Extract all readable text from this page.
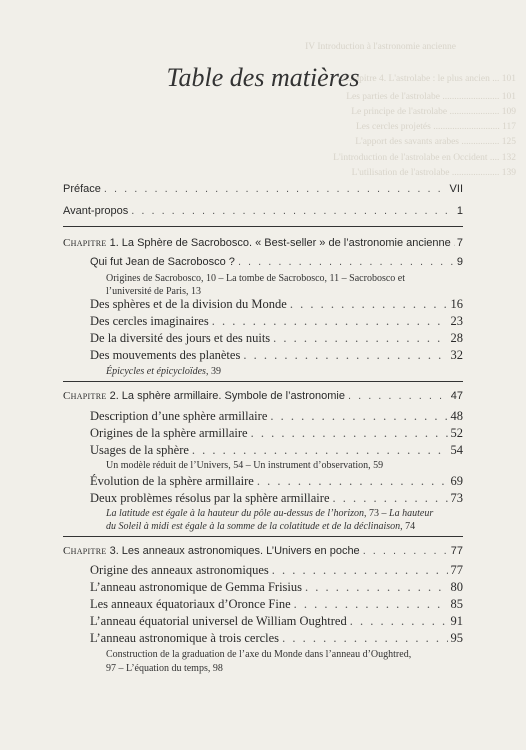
IV Introduction à l'astronomie ancienne
Chapitre 4. L'astrolabe : le plus ancien ... 101
Les parties de l'astrolabe ........................ 101
Le principe de l'astrolabe ..................... 109
Les cercles projetés ............................ 117
L'apport des savants arabes ................ 125
L'introduction de l'astrolabe en Occident .... 132
L'utilisation de l'astrolabe .................... 139
Table des matières
Préface . . .	VII
Avant-propos . . .	1
Chapitre 1. La Sphère de Sacrobosco. « Best-seller » de l’astronomie ancienne . . . 7
Qui fut Jean de Sacrobosco ? . . .	9
Origines de Sacrobosco, 10 – La tombe de Sacrobosco, 11 – Sacrobosco et
l’université de Paris, 13
Des sphères et de la division du Monde . . .	16
Des cercles imaginaires . . .	23
De la diversité des jours et des nuits . . .	28
Des mouvements des planètes . . .	32
Épicycles et épicycloïdes, 39
Chapitre 2. La sphère armillaire. Symbole de l’astronomie . . .	47
Description d’une sphère armillaire . . .	48
Origines de la sphère armillaire . . .	52
Usages de la sphère . . .	54
Un modèle réduit de l’Univers, 54 – Un instrument d’observation, 59
Évolution de la sphère armillaire . . .	69
Deux problèmes résolus par la sphère armillaire . . .	73
La latitude est égale à la hauteur du pôle au-dessus de l’horizon, 73 – La hauteur
du Soleil à midi est égale à la somme de la colatitude et de la déclinaison, 74
Chapitre 3. Les anneaux astronomiques. L’Univers en poche . . .	77
Origine des anneaux astronomiques . . .	77
L’anneau astronomique de Gemma Frisius . . .	80
Les anneaux équatoriaux d’Oronce Fine . . .	85
L’anneau équatorial universel de William Oughtred . . .	91
L’anneau astronomique à trois cercles . . .	95
Construction de la graduation de l’axe du Monde dans l’anneau d’Oughtred,
97 – L’équation du temps, 98
